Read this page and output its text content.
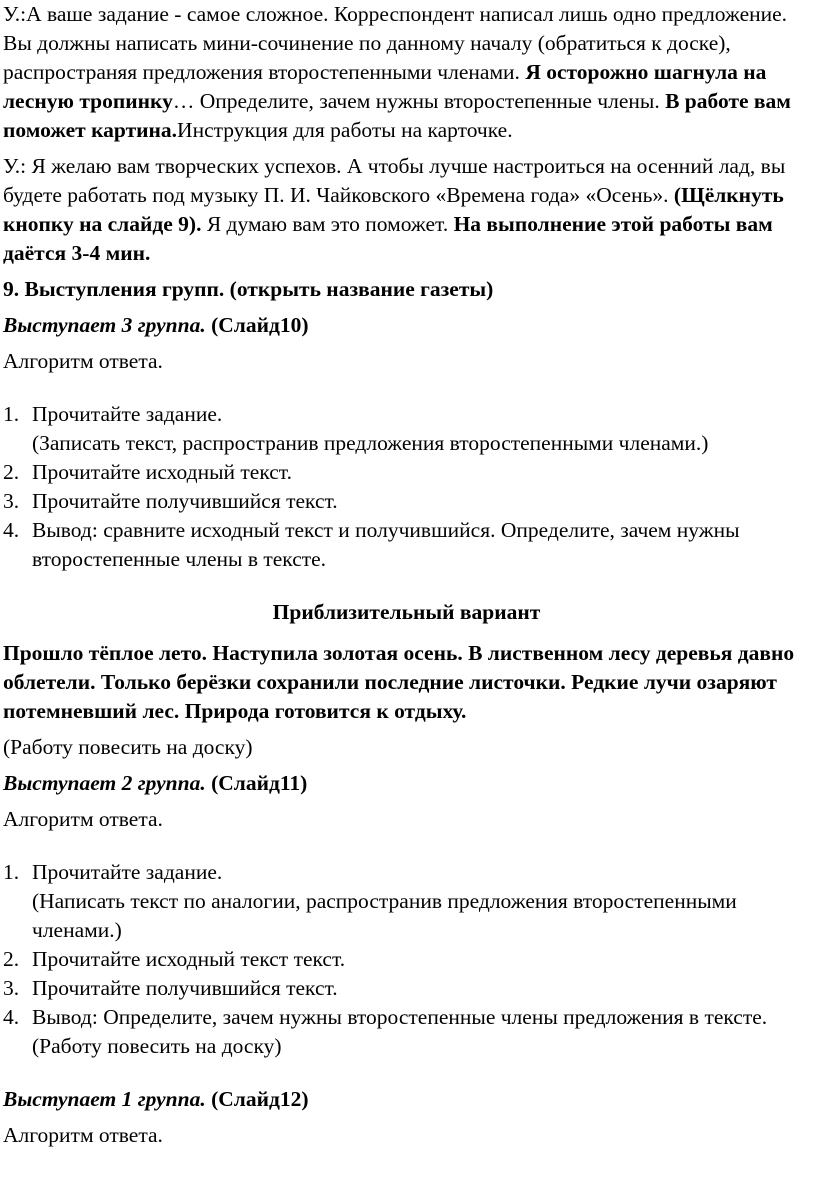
У.:А ваше задание - самое сложное. Корреспондент написал лишь одно предложение. Вы должны написать мини-сочинение по данному началу (обратиться к доске), распространяя предложения второстепенными членами. Я осторожно шагнула на лесную тропинку… Определите, зачем нужны второстепенные члены. В работе вам поможет картина.Инструкция для работы на карточке.

У.: Я желаю вам творческих успехов. А чтобы лучше настроиться на осенний лад, вы будете работать под музыку П. И. Чайковского «Времена года» «Осень». (Щёлкнуть кнопку на слайде 9). Я думаю вам это поможет. На выполнение этой работы вам даётся 3-4 мин.

9. Выступления групп. (открыть название газеты)

Выступает 3 группа. (Слайд10)

Алгоритм ответа.

1. Прочитайте задание.
(Записать текст, распространив предложения второстепенными членами.)
2. Прочитайте исходный текст.
3. Прочитайте получившийся текст.
4. Вывод: сравните исходный текст и получившийся. Определите, зачем нужны второстепенные члены в тексте.

Приблизительный вариант

Прошло тёплое лето. Наступила золотая осень. В лиственном лесу деревья давно облетели. Только берёзки сохранили последние листочки. Редкие лучи озаряют потемневший лес. Природа готовится к отдыху.

(Работу повесить на доску)

Выступает 2 группа. (Слайд11)

Алгоритм ответа.

1. Прочитайте задание.
(Написать текст по аналогии, распространив предложения второстепенными членами.)
2. Прочитайте исходный текст текст.
3. Прочитайте получившийся текст.
4. Вывод: Определите, зачем нужны второстепенные члены предложения в тексте. (Работу повесить на доску)

Выступает 1 группа. (Слайд12)

Алгоритм ответа.
